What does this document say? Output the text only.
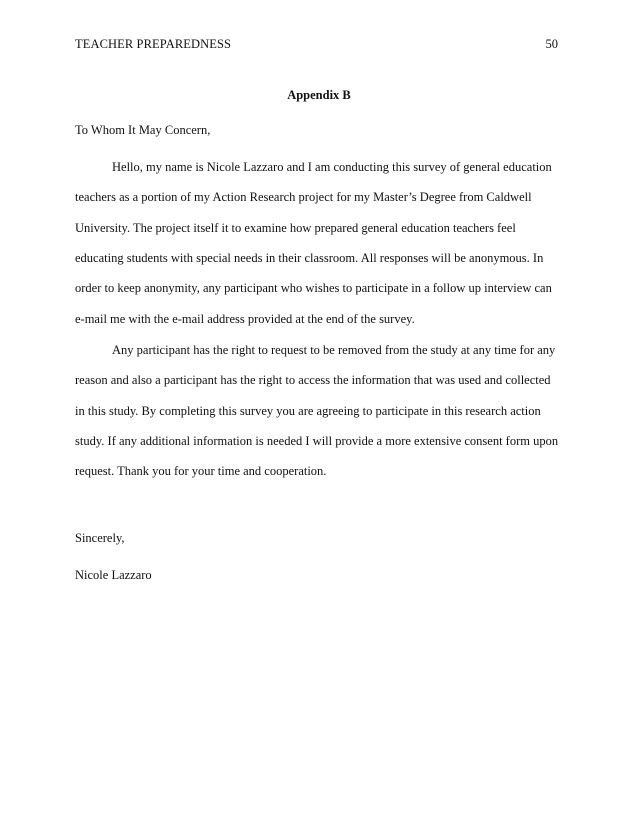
TEACHER PREPAREDNESS	50
Appendix B
To Whom It May Concern,
Hello, my name is Nicole Lazzaro and I am conducting this survey of general education
teachers as a portion of my Action Research project for my Master’s Degree from Caldwell
University. The project itself it to examine how prepared general education teachers feel
educating students with special needs in their classroom. All responses will be anonymous. In
order to keep anonymity, any participant who wishes to participate in a follow up interview can
e-mail me with the e-mail address provided at the end of the survey.
Any participant has the right to request to be removed from the study at any time for any
reason and also a participant has the right to access the information that was used and collected
in this study. By completing this survey you are agreeing to participate in this research action
study. If any additional information is needed I will provide a more extensive consent form upon
request. Thank you for your time and cooperation.
Sincerely,
Nicole Lazzaro
